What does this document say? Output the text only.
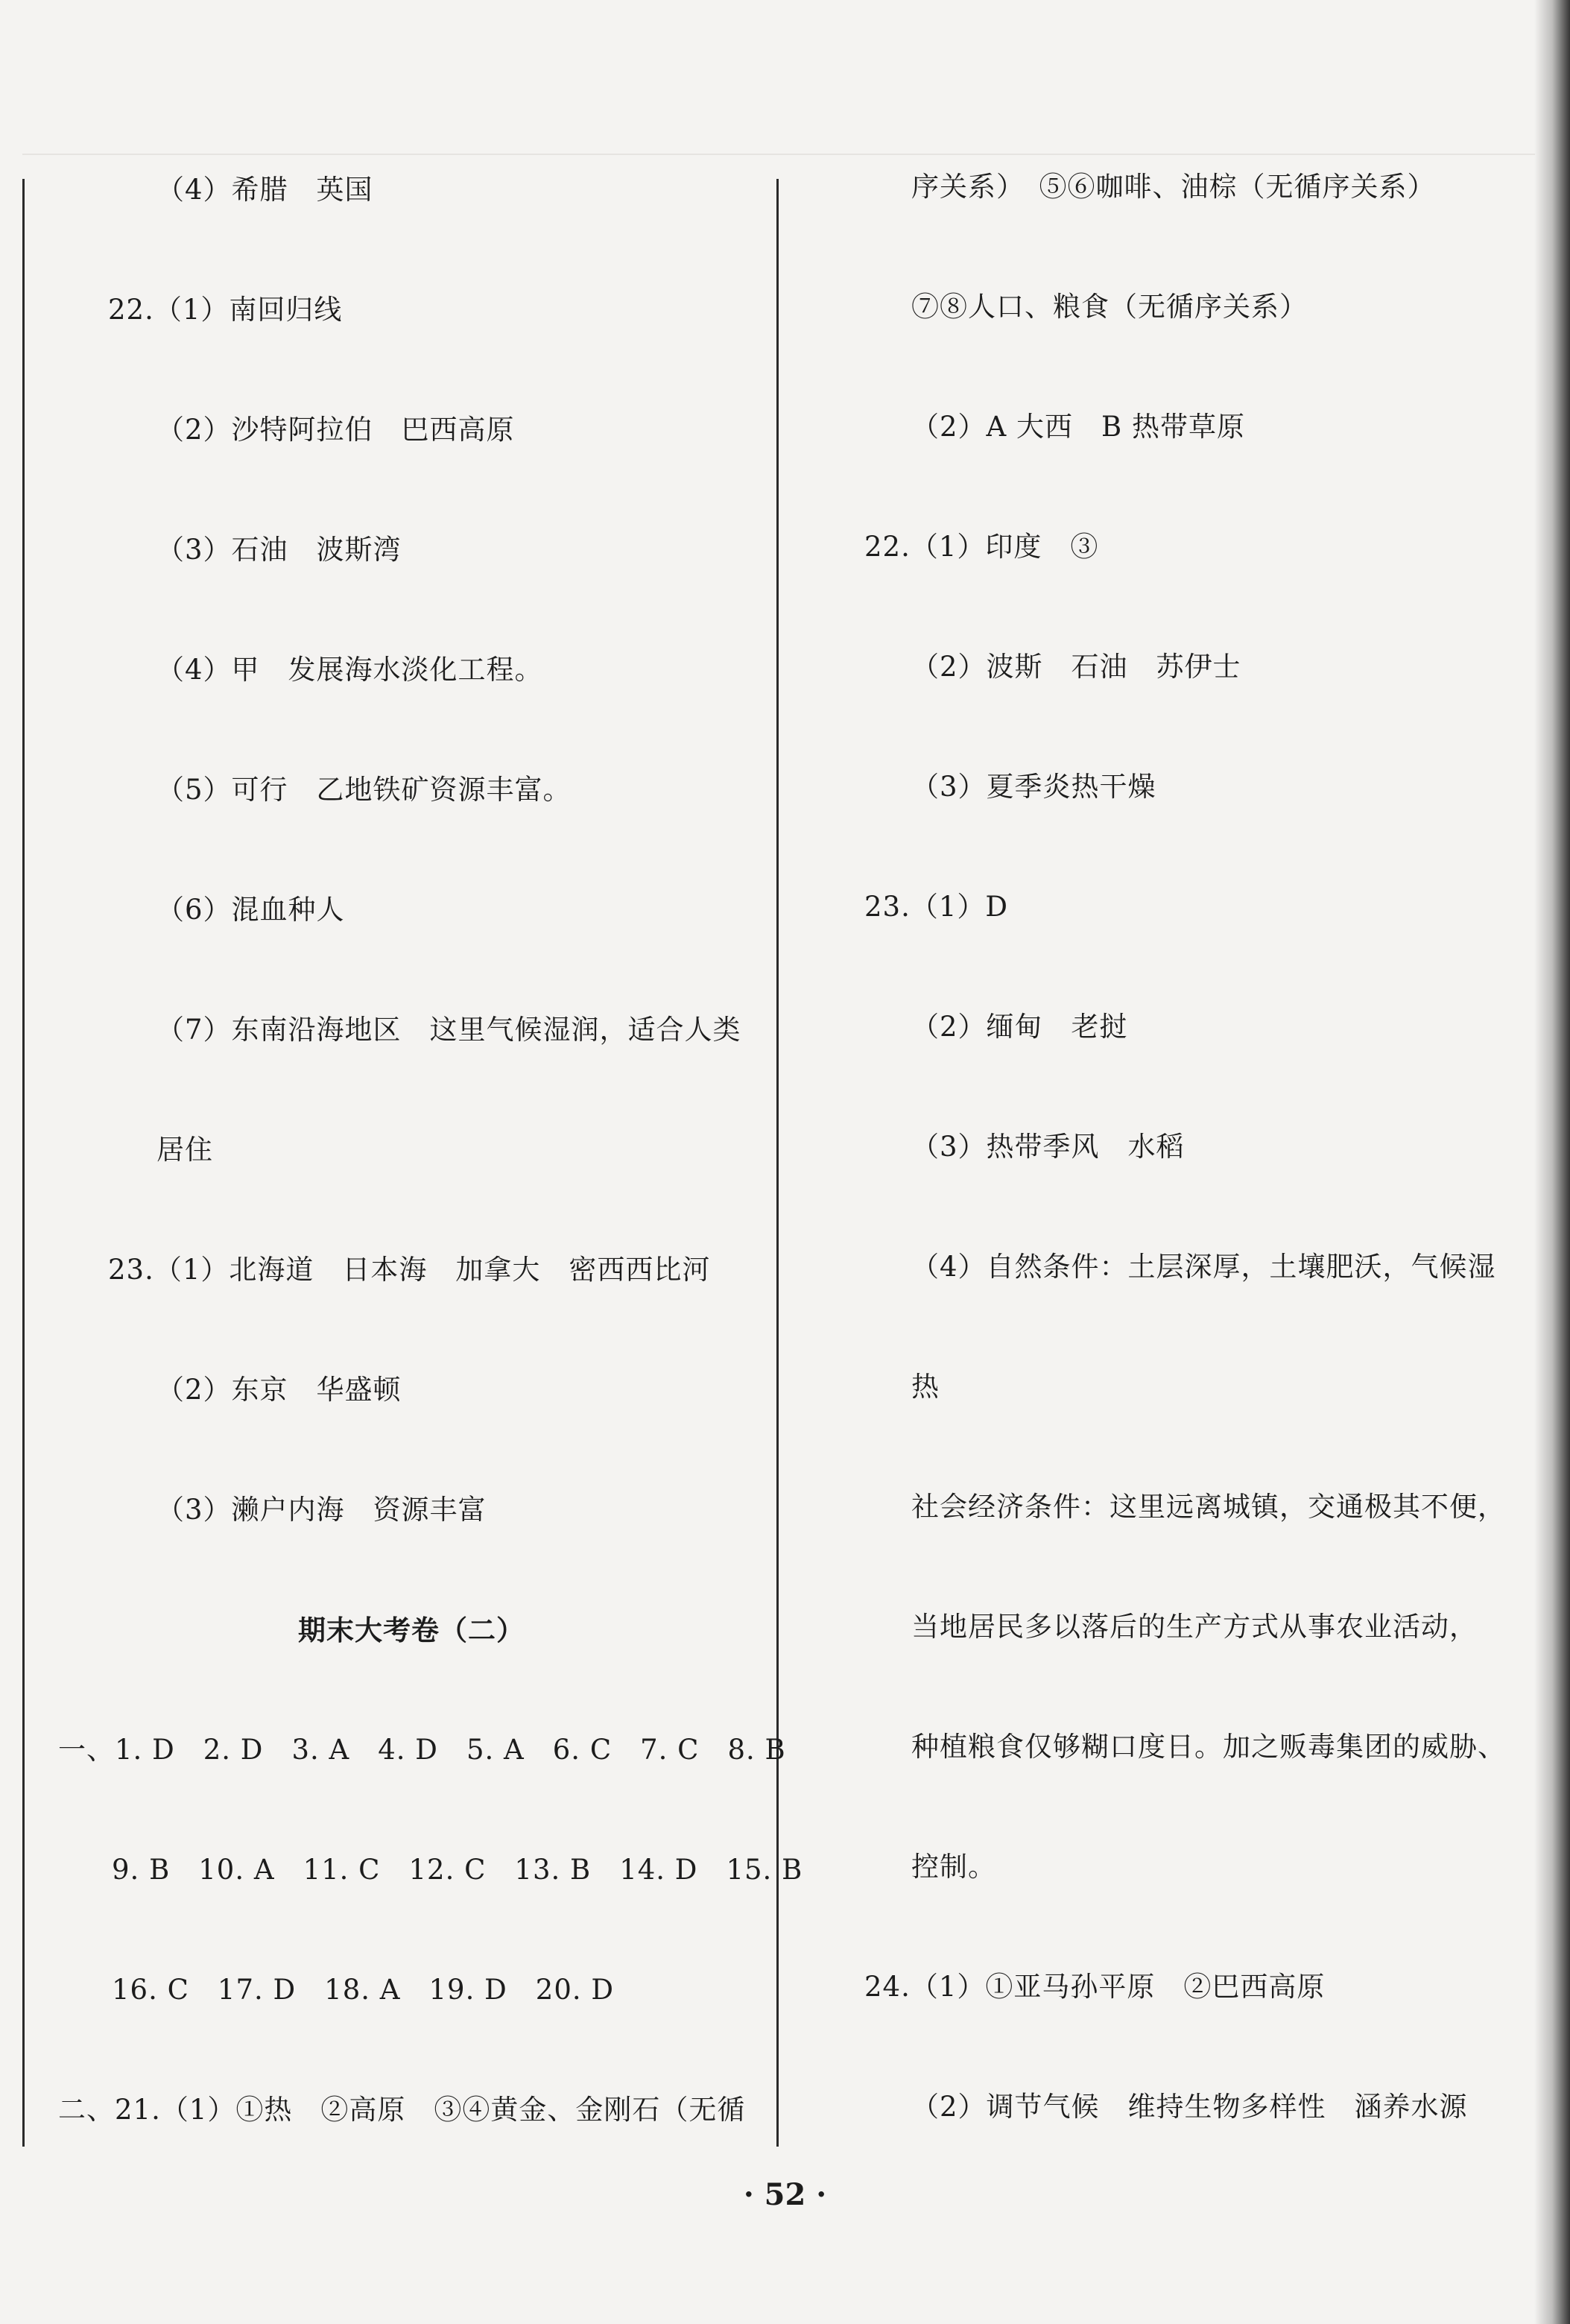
（4）希腊　英国
22.（1）南回归线
（2）沙特阿拉伯　巴西高原
（3）石油　波斯湾
（4）甲　发展海水淡化工程。
（5）可行　乙地铁矿资源丰富。
（6）混血种人
（7）东南沿海地区　这里气候湿润，适合人类
居住
23.（1）北海道　日本海　加拿大　密西西比河
（2）东京　华盛顿
（3）濑户内海　资源丰富
期末大考卷（二）
一、1. D　2. D　3. A　4. D　5. A　6. C　7. C　8. B
9. B　10. A　11. C　12. C　13. B　14. D　15. B
16. C　17. D　18. A　19. D　20. D
二、21.（1）①热　②高原　③④黄金、金刚石（无循
序关系）　⑤⑥咖啡、油棕（无循序关系）
⑦⑧人口、粮食（无循序关系）
（2）A 大西　B 热带草原
22.（1）印度　③
（2）波斯　石油　苏伊士
（3）夏季炎热干燥
23.（1）D
（2）缅甸　老挝
（3）热带季风　水稻
（4）自然条件：土层深厚，土壤肥沃，气候湿
热
社会经济条件：这里远离城镇，交通极其不便，
当地居民多以落后的生产方式从事农业活动，
种植粮食仅够糊口度日。加之贩毒集团的威胁、
控制。
24.（1）①亚马孙平原　②巴西高原
（2）调节气候　维持生物多样性　涵养水源
· 52 ·
